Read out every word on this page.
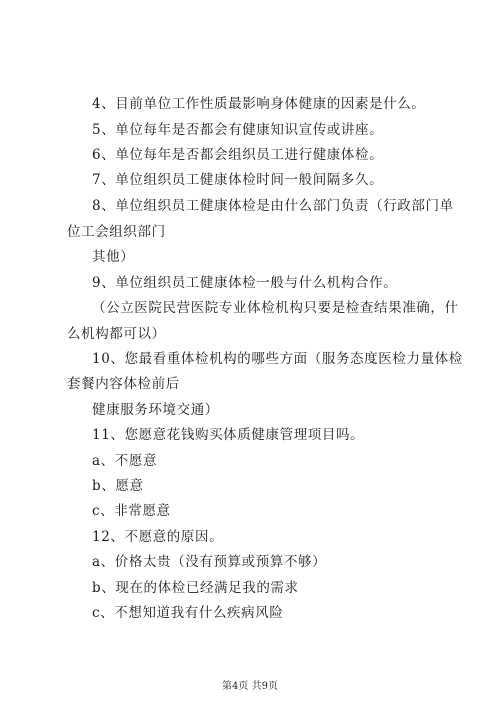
4、目前单位工作性质最影响身体健康的因素是什么。
5、单位每年是否都会有健康知识宣传或讲座。
6、单位每年是否都会组织员工进行健康体检。
7、单位组织员工健康体检时间一般间隔多久。
8、单位组织员工健康体检是由什么部门负责（行政部门单
位工会组织部门
其他）
9、单位组织员工健康体检一般与什么机构合作。
（公立医院民营医院专业体检机构只要是检查结果准确，什
么机构都可以）
10、您最看重体检机构的哪些方面（服务态度医检力量体检
套餐内容体检前后
健康服务环境交通）
11、您愿意花钱购买体质健康管理项目吗。
a、不愿意
b、愿意
c、非常愿意
12、不愿意的原因。
a、价格太贵（没有预算或预算不够）
b、现在的体检已经满足我的需求
c、不想知道我有什么疾病风险
第4页 共9页
